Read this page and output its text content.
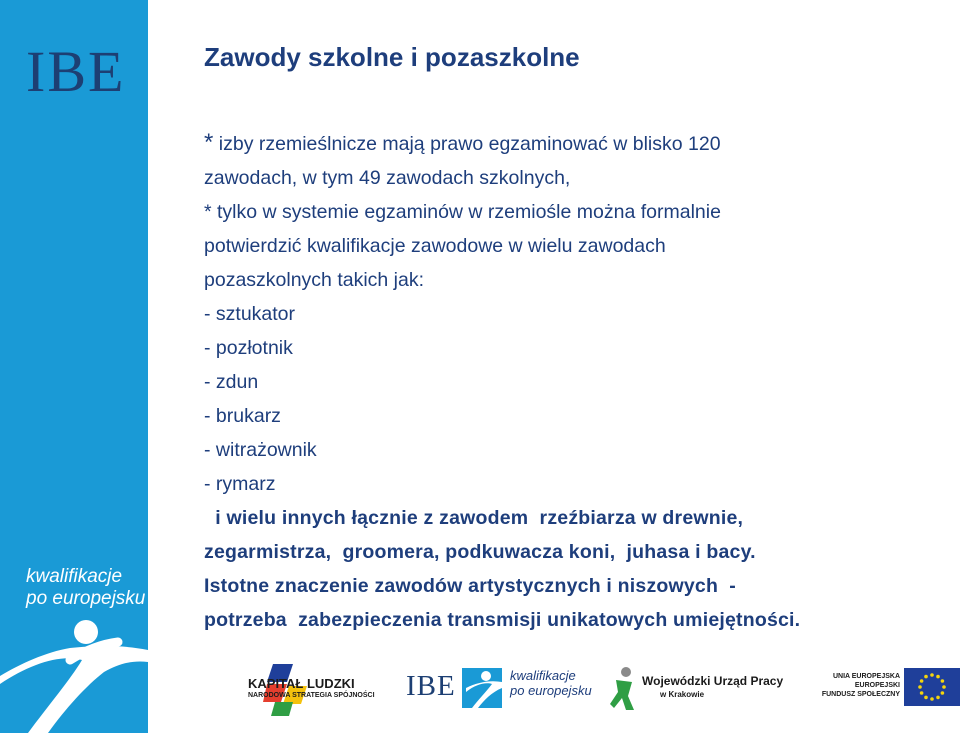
IBE
kwalifikacje
po europejsku
Zawody szkolne i pozaszkolne
* izby rzemieślnicze mają prawo egzaminować w blisko 120
zawodach, w tym 49 zawodach szkolnych,
* tylko w systemie egzaminów w rzemiośle można formalnie
potwierdzić kwalifikacje zawodowe w wielu zawodach
pozaszkolnych takich jak:
- sztukator
- pozłotnik
- zdun
- brukarz
- witrażownik
- rymarz
i wielu innych łącznie z zawodem  rzeźbiarza w drewnie,
zegarmistrza,  groomera, podkuwacza koni,  juhasa i bacy.
Istotne znaczenie zawodów artystycznych i niszowych  -
potrzeba  zabezpieczenia transmisji unikatowych umiejętności.
KAPITAŁ LUDZKI
NARODOWA STRATEGIA SPÓJNOŚCI IBE	kwalifikacje
po europejsku
Wojewódzki Urząd Pracy
w Krakowie
UNIA EUROPEJSKA
EUROPEJSKI
FUNDUSZ SPOŁECZNY
